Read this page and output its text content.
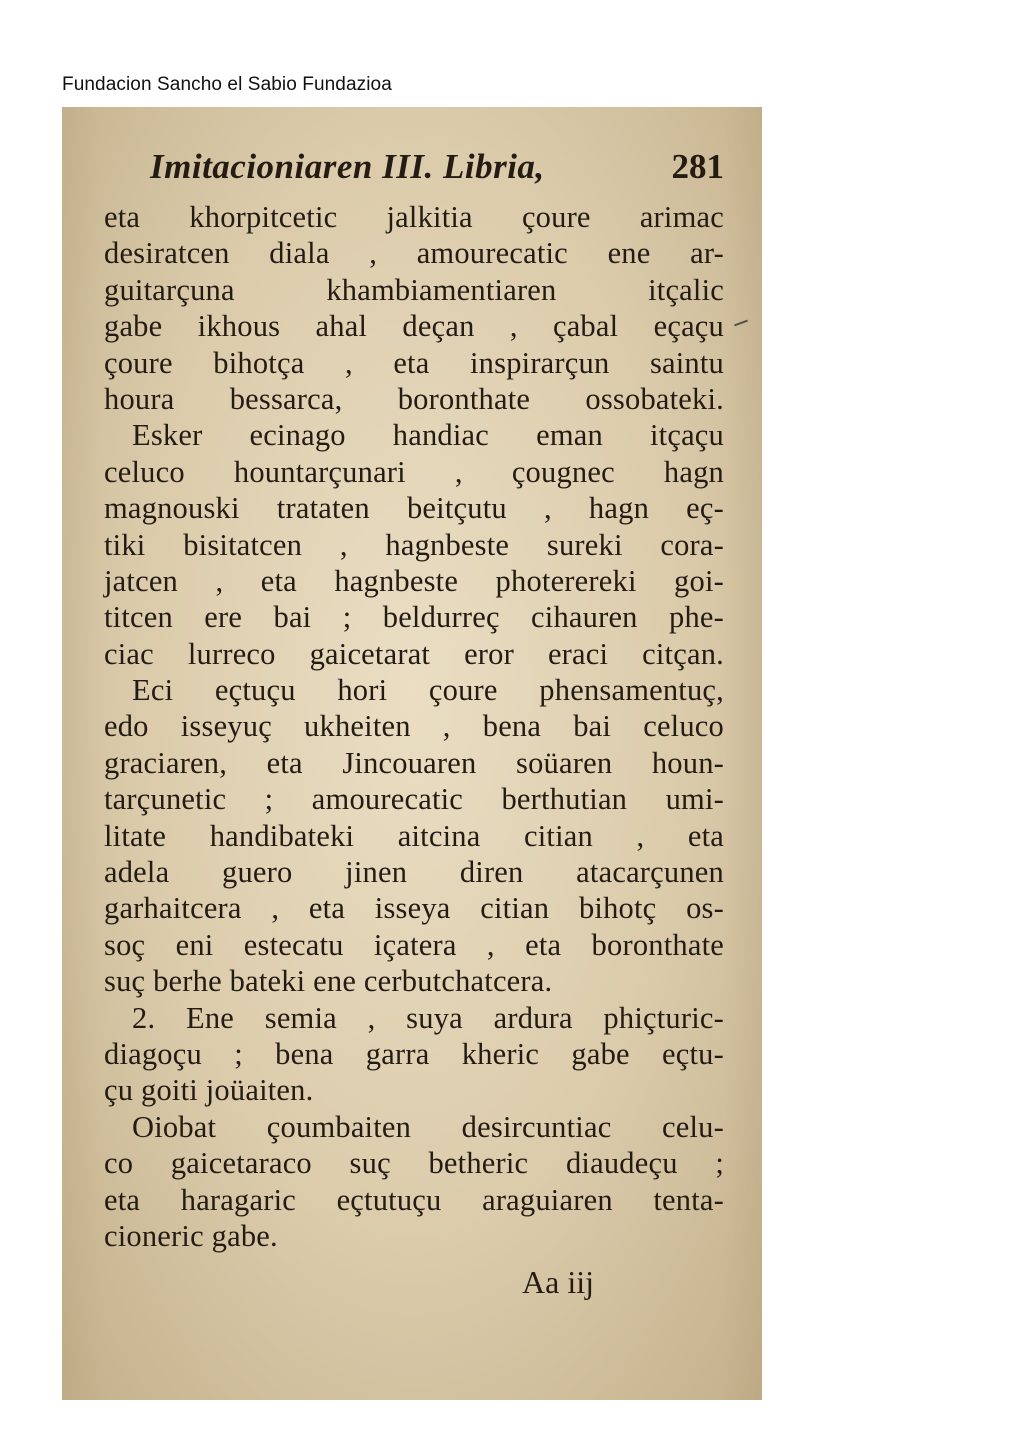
Fundacion Sancho el Sabio Fundazioa
Imitacioniaren III. Libria,	281
eta khorpitcetic jalkitia çoure arimac
desiratcen diala , amourecatic ene ar-
guitarçuna khambiamentiaren itçalic
gabe ikhous ahal deçan , çabal eçaçu
çoure bihotça , eta inspirarçun saintu
houra bessarca, boronthate ossobateki.
Esker ecinago handiac eman itçaçu
celuco hountarçunari , çougnec hagn
magnouski trataten beitçutu , hagn eç-
tiki bisitatcen , hagnbeste sureki cora-
jatcen , eta hagnbeste photerereki goi-
titcen ere bai ; beldurreç cihauren phe-
ciac lurreco gaicetarat eror eraci citçan.
Eci eçtuçu hori çoure phensamentuç,
edo isseyuç ukheiten , bena bai celuco
graciaren, eta Jincouaren soüaren houn-
tarçunetic ; amourecatic berthutian umi-
litate handibateki aitcina citian , eta
adela guero jinen diren atacarçunen
garhaitcera , eta isseya citian bihotç os-
soç eni estecatu içatera , eta boronthate
suç berhe bateki ene cerbutchatcera.
2. Ene semia , suya ardura phiçturic-
diagoçu ; bena garra kheric gabe eçtu-
çu goiti joüaiten.
Oiobat çoumbaiten desircuntiac celu-
co gaicetaraco suç betheric diaudeçu ;
eta haragaric eçtutuçu araguiaren tenta-
cioneric gabe.
Aa iij
